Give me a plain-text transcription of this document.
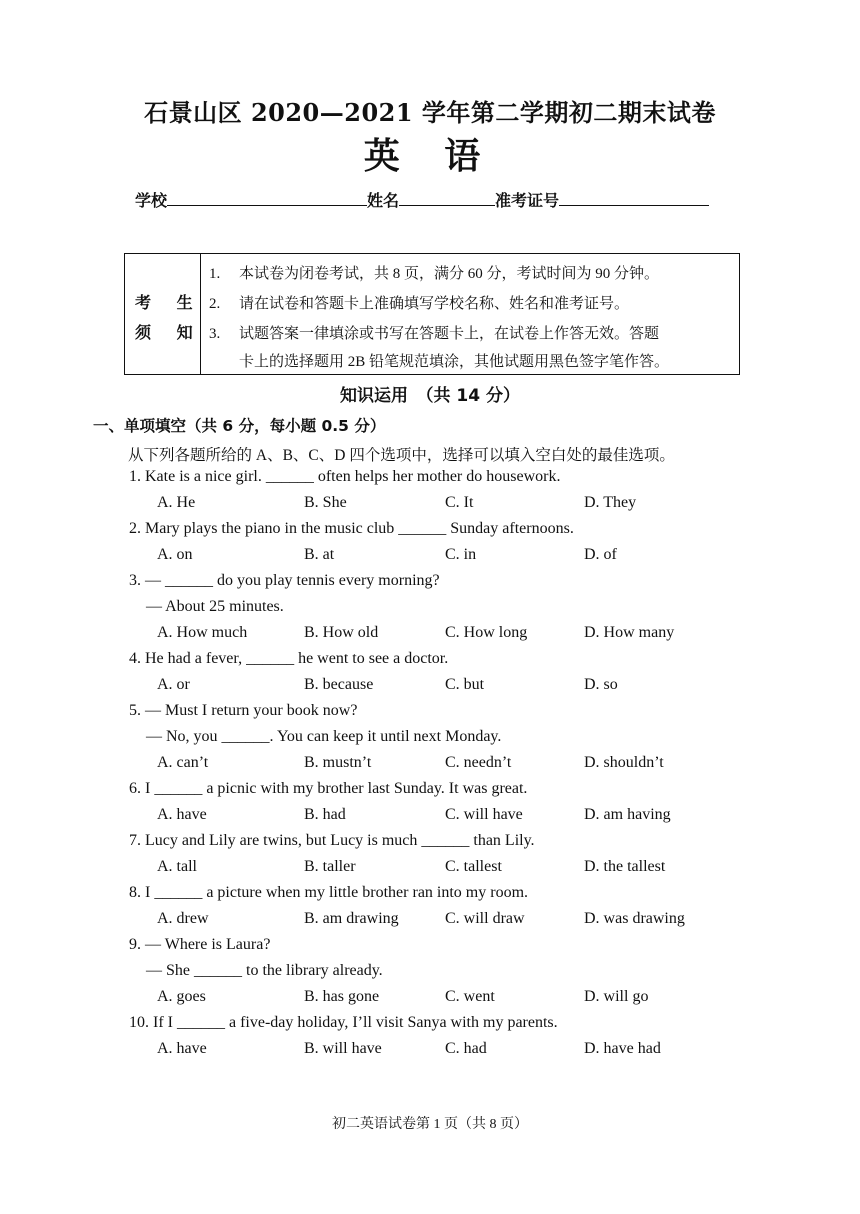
石景山区 2020—2021 学年第二学期初二期末试卷
英 语
学校	姓名	准考证号
考 生
须 知
1. 本试卷为闭卷考试，共 8 页，满分 60 分，考试时间为 90 分钟。
2. 请在试卷和答题卡上准确填写学校名称、姓名和准考证号。
3. 试题答案一律填涂或书写在答题卡上，在试卷上作答无效。答题
卡上的选择题用 2B 铅笔规范填涂，其他试题用黑色签字笔作答。
知识运用　（共 14 分）
一、单项填空（共 6 分，每小题 0.5 分）
从下列各题所给的 A、B、C、D 四个选项中，选择可以填入空白处的最佳选项。
1. Kate is a nice girl. ______ often helps her mother do housework.
A. He	B. She	C. It	D. They
2. Mary plays the piano in the music club ______ Sunday afternoons.
A. on	B. at	C. in	D. of
3. — ______ do you play tennis every morning?
— About 25 minutes.
A. How much	B. How old	C. How long	D. How many
4. He had a fever, ______ he went to see a doctor.
A. or	B. because	C. but	D. so
5. — Must I return your book now?
— No, you ______. You can keep it until next Monday.
A. can’t	B. mustn’t	C. needn’t	D. shouldn’t
6. I ______ a picnic with my brother last Sunday. It was great.
A. have	B. had	C. will have	D. am having
7. Lucy and Lily are twins, but Lucy is much ______ than Lily.
A. tall	B. taller	C. tallest	D. the tallest
8. I ______ a picture when my little brother ran into my room.
A. drew	B. am drawing	C. will draw	D. was drawing
9. — Where is Laura?
— She ______ to the library already.
A. goes	B. has gone	C. went	D. will go
10. If I ______ a five-day holiday, I’ll visit Sanya with my parents.
A. have	B. will have	C. had	D. have had
初二英语试卷第 1 页（共 8 页）
